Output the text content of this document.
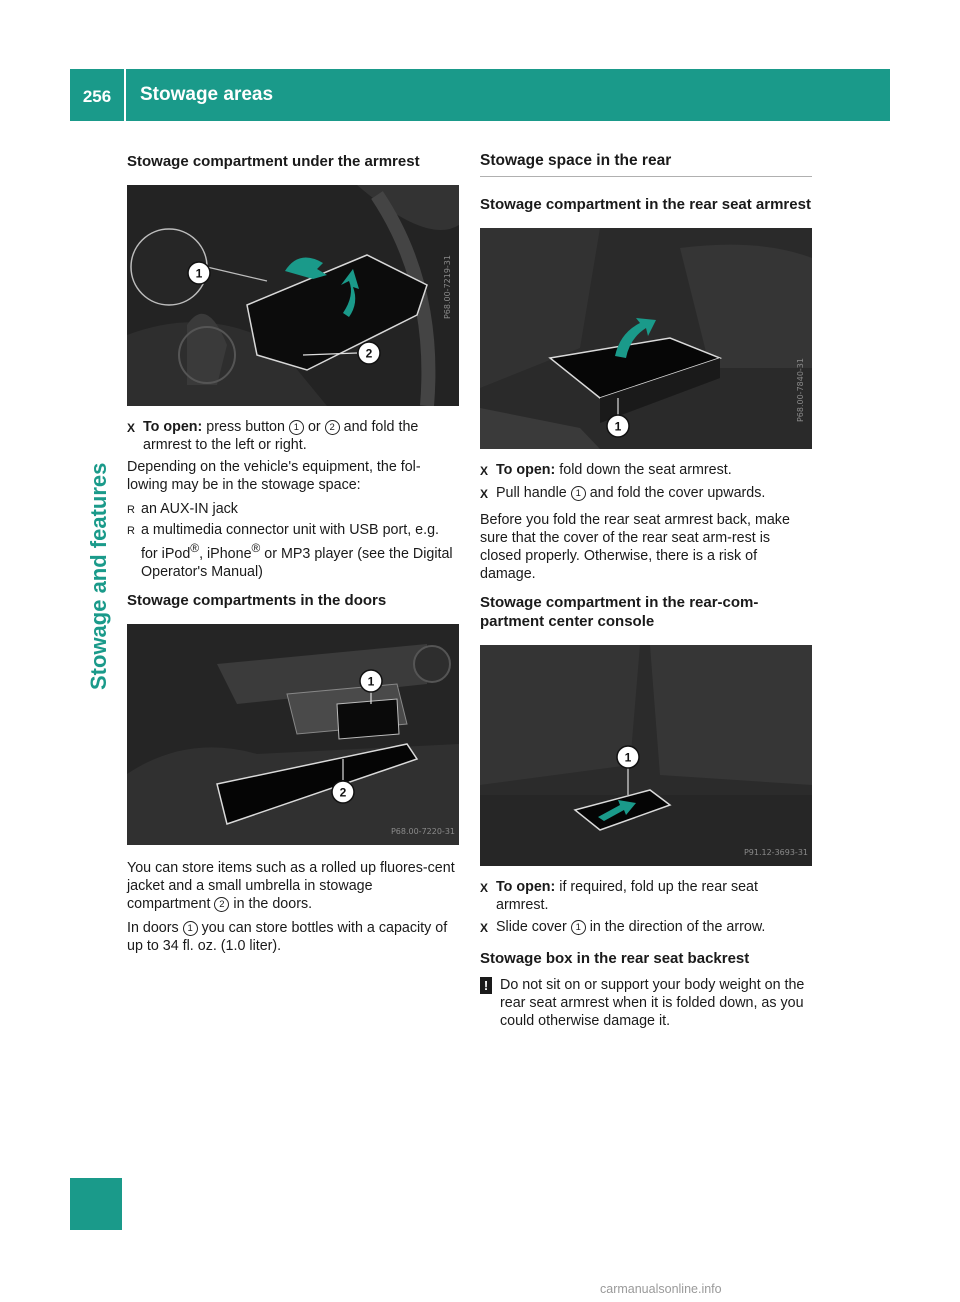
256	Stowage areas
Stowage and features
Stowage compartment under the armrest
1
2
P68.00-7219-31
X To open: press button 1 or 2 and fold the armrest to the left or right.

Depending on the vehicle's equipment, the fol-lowing may be in the stowage space:

R an AUX-IN jack
R a multimedia connector unit with USB port, e.g. for iPod®, iPhone® or MP3 player (see the Digital Operator's Manual)
Stowage compartments in the doors
1
2
P68.00-7220-31

You can store items such as a rolled up fluores-cent jacket and a small umbrella in stowage compartment 2 in the doors.

In doors 1 you can store bottles with a capacity of up to 34 fl. oz. (1.0 liter).

Stowage space in the rear
Stowage compartment in the rear seat armrest
1
P68.00-7840-31
X To open: fold down the seat armrest.
X Pull handle 1 and fold the cover upwards.

Before you fold the rear seat armrest back, make sure that the cover of the rear seat arm-rest is closed properly. Otherwise, there is a risk of damage.

Stowage compartment in the rear-com-partment center console
1
P91.12-3693-31
X To open: if required, fold up the rear seat armrest.
X Slide cover 1 in the direction of the arrow.
Stowage box in the rear seat backrest
! Do not sit on or support your body weight on the rear seat armrest when it is folded down, as you could otherwise damage it.
carmanualsonline.info
